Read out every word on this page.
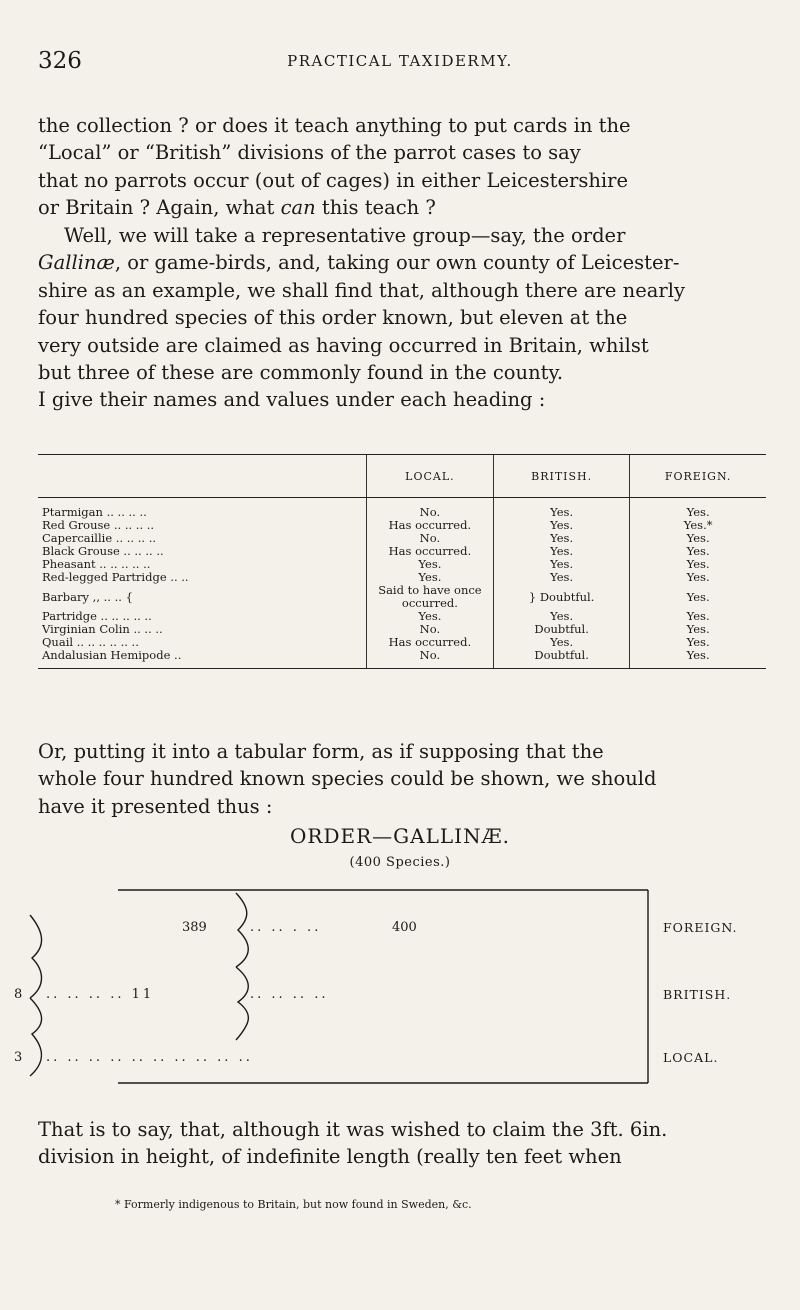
326	PRACTICAL TAXIDERMY.
the collection ? or does it teach anything to put cards in the
“Local” or “British” divisions of the parrot cases to say
that no parrots occur (out of cages) in either Leicestershire
or Britain ? Again, what can this teach ?
Well, we will take a representative group—say, the order
Gallinæ, or game-birds, and, taking our own county of Leicester-
shire as an example, we shall find that, although there are nearly
four hundred species of this order known, but eleven at the
very outside are claimed as having occurred in Britain, whilst
but three of these are commonly found in the county.
I give their names and values under each heading :
	LOCAL.	BRITISH.	FOREIGN.
Ptarmigan .. .. .. ..	No.	Yes.	Yes.
Red Grouse .. .. .. ..	Has occurred.	Yes.	Yes.*
Capercaillie .. .. .. ..	No.	Yes.	Yes.
Black Grouse .. .. .. ..	Has occurred.	Yes.	Yes.
Pheasant .. .. .. .. ..	Yes.	Yes.	Yes.
Red-legged Partridge .. ..	Yes.	Yes.	Yes.
Barbary ,, .. .. {	Said to have once occurred.	} Doubtful.	Yes.
Partridge .. .. .. .. ..	Yes.	Yes.	Yes.
Virginian Colin .. .. ..	No.	Doubtful.	Yes.
Quail .. .. .. .. .. ..	Has occurred.	Yes.	Yes.
Andalusian Hemipode ..	No.	Doubtful.	Yes.
Or, putting it into a tabular form, as if supposing that the
whole four hundred known species could be shown, we should
have it presented thus :
ORDER—GALLINÆ.
(400 Species.)
389	.. .. . ..	400
8 .. .. .. .. 11	.. .. .. ..
3 .. .. .. .. .. .. .. .. .. ..
FOREIGN.
BRITISH.
LOCAL.
That is to say, that, although it was wished to claim the 3ft. 6in.
division in height, of indefinite length (really ten feet when
* Formerly indigenous to Britain, but now found in Sweden, &c.
